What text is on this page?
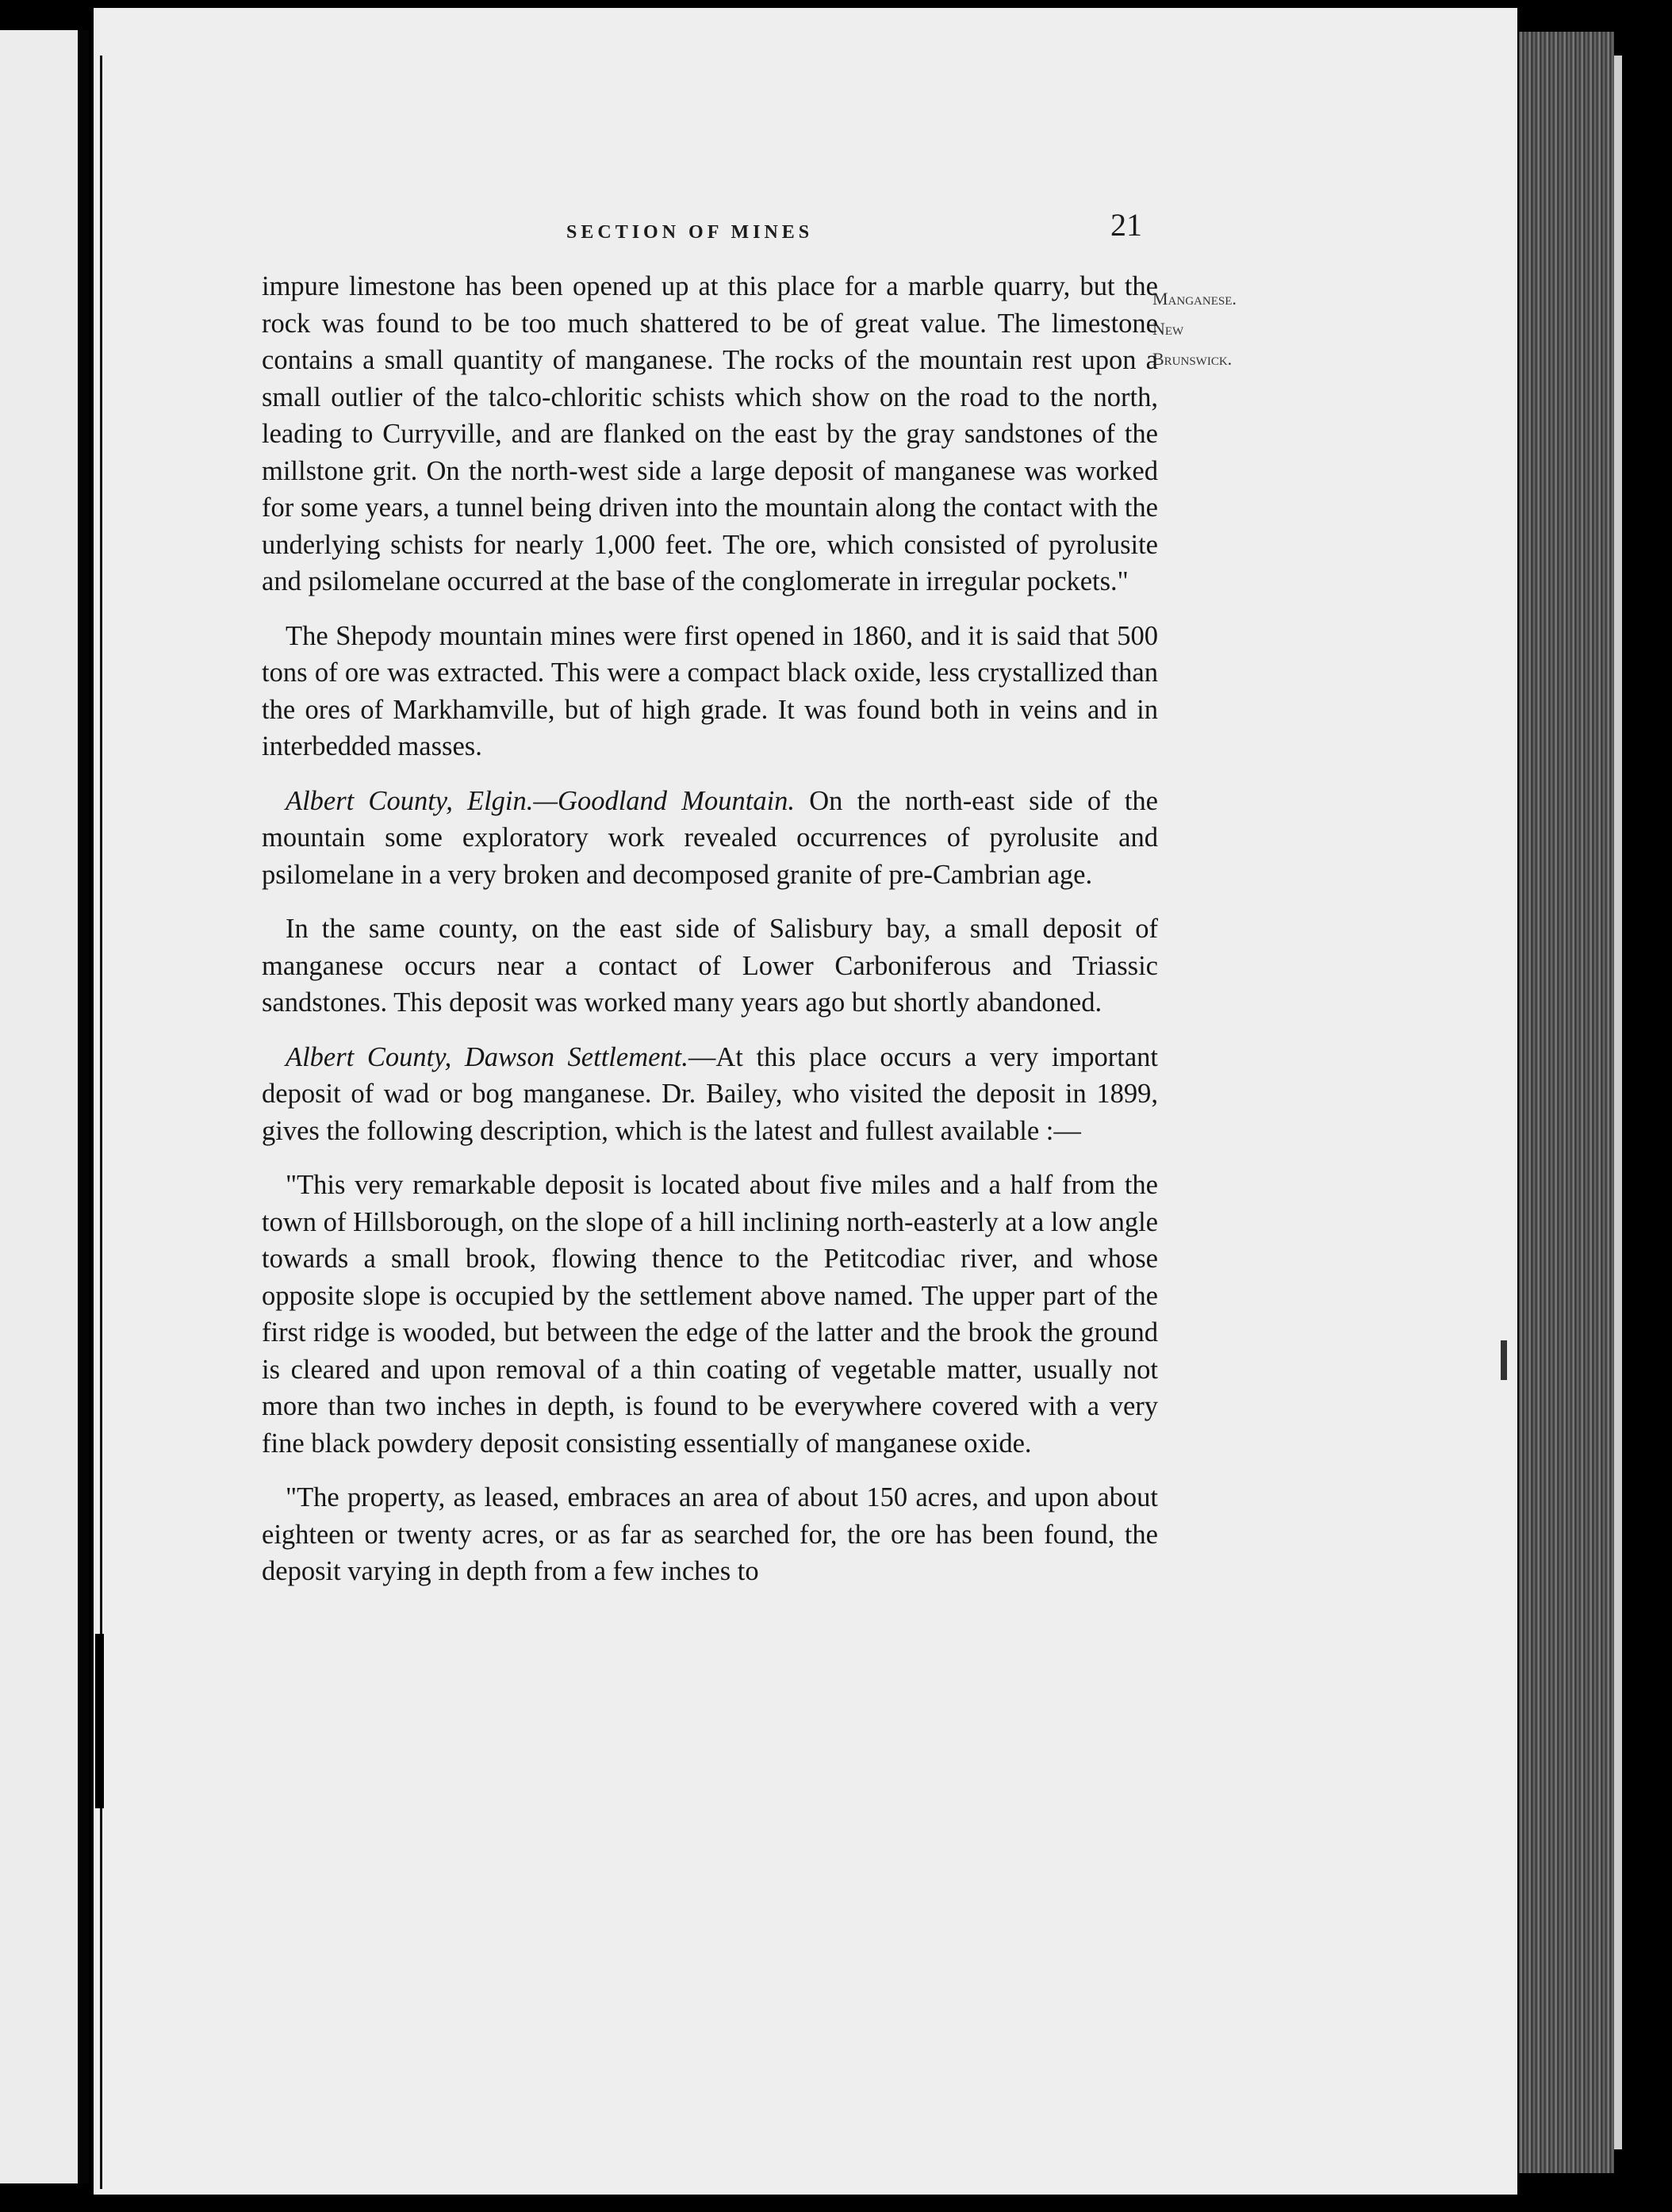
SECTION OF MINES	21
Manganese.
New
Brunswick.

impure limestone has been opened up at this place for a marble quarry, but the rock was found to be too much shattered to be of great value. The limestone contains a small quantity of manganese. The rocks of the mountain rest upon a small outlier of the talco-chloritic schists which show on the road to the north, leading to Curryville, and are flanked on the east by the gray sandstones of the millstone grit. On the north-west side a large deposit of manganese was worked for some years, a tunnel being driven into the mountain along the contact with the underlying schists for nearly 1,000 feet. The ore, which consisted of pyrolusite and psilomelane occurred at the base of the conglomerate in irregular pockets."

The Shepody mountain mines were first opened in 1860, and it is said that 500 tons of ore was extracted. This were a compact black oxide, less crystallized than the ores of Markhamville, but of high grade. It was found both in veins and in interbedded masses.

Albert County, Elgin.—Goodland Mountain. On the north-east side of the mountain some exploratory work revealed occurrences of pyrolusite and psilomelane in a very broken and decomposed granite of pre-Cambrian age.

In the same county, on the east side of Salisbury bay, a small deposit of manganese occurs near a contact of Lower Carboniferous and Triassic sandstones. This deposit was worked many years ago but shortly abandoned.

Albert County, Dawson Settlement.—At this place occurs a very important deposit of wad or bog manganese. Dr. Bailey, who visited the deposit in 1899, gives the following description, which is the latest and fullest available :—

"This very remarkable deposit is located about five miles and a half from the town of Hillsborough, on the slope of a hill inclining north-easterly at a low angle towards a small brook, flowing thence to the Petitcodiac river, and whose opposite slope is occupied by the settlement above named. The upper part of the first ridge is wooded, but between the edge of the latter and the brook the ground is cleared and upon removal of a thin coating of vegetable matter, usually not more than two inches in depth, is found to be everywhere covered with a very fine black powdery deposit consisting essentially of manganese oxide.

"The property, as leased, embraces an area of about 150 acres, and upon about eighteen or twenty acres, or as far as searched for, the ore has been found, the deposit varying in depth from a few inches to
